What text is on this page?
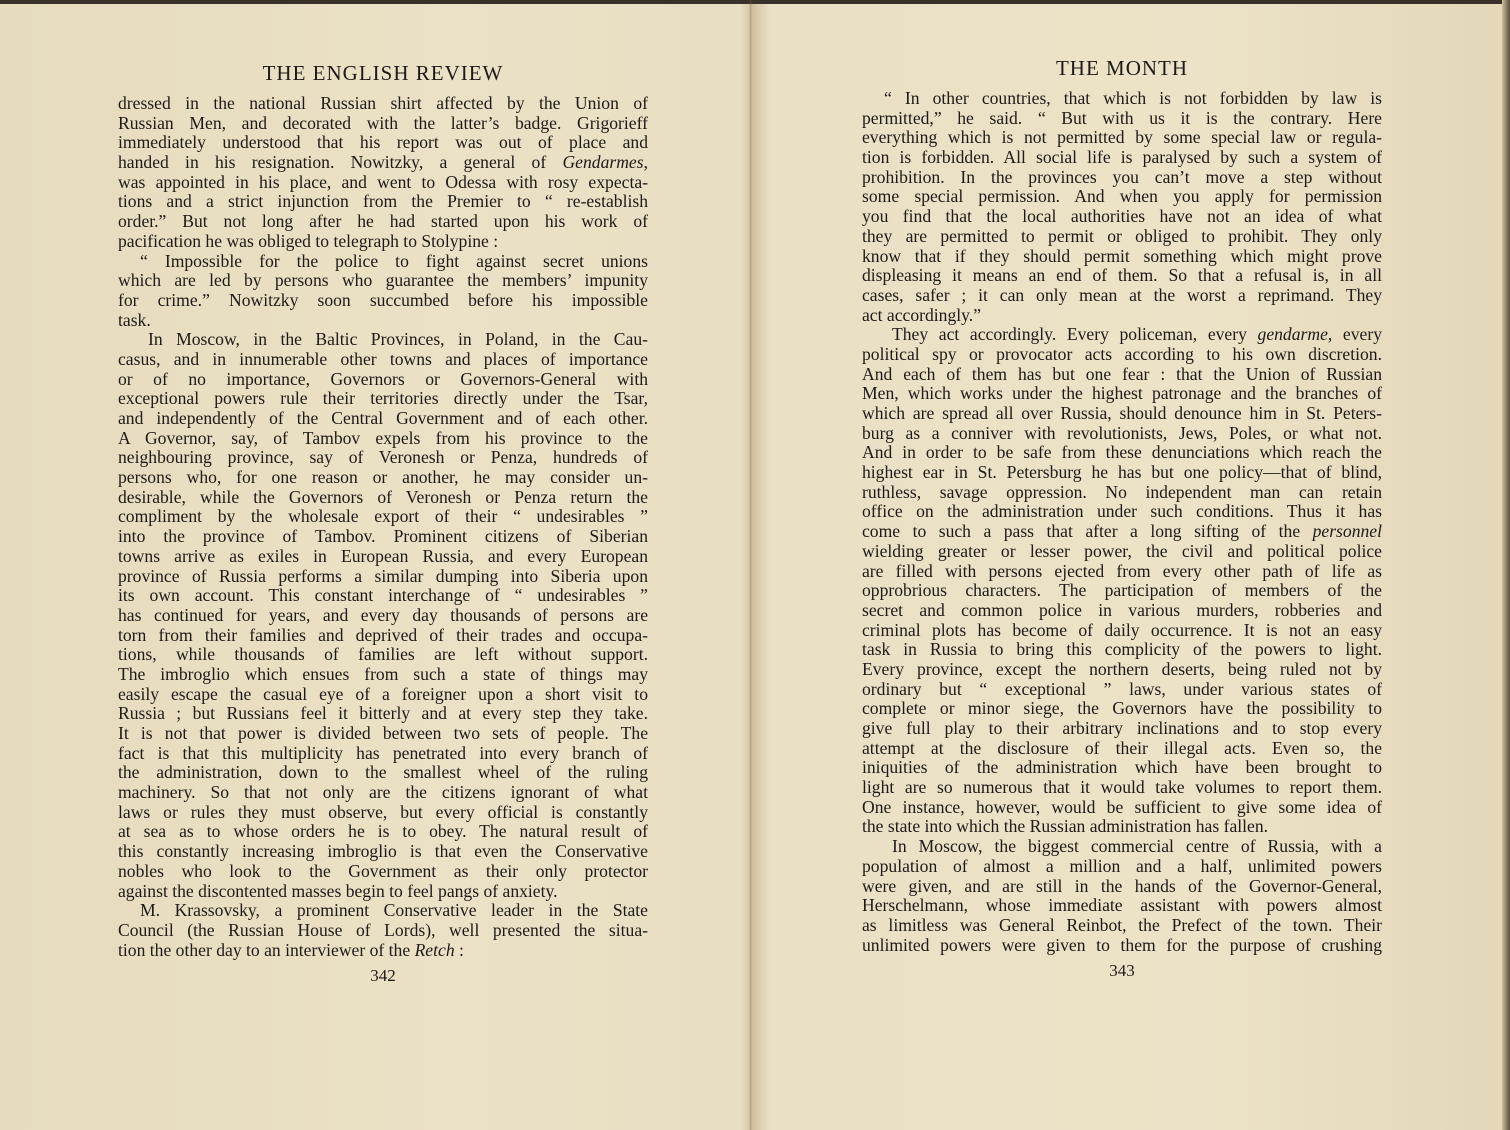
THE ENGLISH REVIEW
dressed in the national Russian shirt affected by the Union of
Russian Men, and decorated with the latter’s badge. Grigorieff
immediately understood that his report was out of place and
handed in his resignation. Nowitzky, a general of Gendarmes,
was appointed in his place, and went to Odessa with rosy expecta-
tions and a strict injunction from the Premier to “ re-establish
order.” But not long after he had started upon his work of
pacification he was obliged to telegraph to Stolypine :
“ Impossible for the police to fight against secret unions
which are led by persons who guarantee the members’ impunity
for crime.” Nowitzky soon succumbed before his impossible
task.
In Moscow, in the Baltic Provinces, in Poland, in the Cau-
casus, and in innumerable other towns and places of importance
or of no importance, Governors or Governors-General with
exceptional powers rule their territories directly under the Tsar,
and independently of the Central Government and of each other.
A Governor, say, of Tambov expels from his province to the
neighbouring province, say of Veronesh or Penza, hundreds of
persons who, for one reason or another, he may consider un-
desirable, while the Governors of Veronesh or Penza return the
compliment by the wholesale export of their “ undesirables ”
into the province of Tambov. Prominent citizens of Siberian
towns arrive as exiles in European Russia, and every European
province of Russia performs a similar dumping into Siberia upon
its own account. This constant interchange of “ undesirables ”
has continued for years, and every day thousands of persons are
torn from their families and deprived of their trades and occupa-
tions, while thousands of families are left without support.
The imbroglio which ensues from such a state of things may
easily escape the casual eye of a foreigner upon a short visit to
Russia ; but Russians feel it bitterly and at every step they take.
It is not that power is divided between two sets of people. The
fact is that this multiplicity has penetrated into every branch of
the administration, down to the smallest wheel of the ruling
machinery. So that not only are the citizens ignorant of what
laws or rules they must observe, but every official is constantly
at sea as to whose orders he is to obey. The natural result of
this constantly increasing imbroglio is that even the Conservative
nobles who look to the Government as their only protector
against the discontented masses begin to feel pangs of anxiety.
M. Krassovsky, a prominent Conservative leader in the State
Council (the Russian House of Lords), well presented the situa-
tion the other day to an interviewer of the Retch :
342
THE MONTH
“ In other countries, that which is not forbidden by law is
permitted,” he said. “ But with us it is the contrary. Here
everything which is not permitted by some special law or regula-
tion is forbidden. All social life is paralysed by such a system of
prohibition. In the provinces you can’t move a step without
some special permission. And when you apply for permission
you find that the local authorities have not an idea of what
they are permitted to permit or obliged to prohibit. They only
know that if they should permit something which might prove
displeasing it means an end of them. So that a refusal is, in all
cases, safer ; it can only mean at the worst a reprimand. They
act accordingly.”
They act accordingly. Every policeman, every gendarme, every
political spy or provocator acts according to his own discretion.
And each of them has but one fear : that the Union of Russian
Men, which works under the highest patronage and the branches of
which are spread all over Russia, should denounce him in St. Peters-
burg as a conniver with revolutionists, Jews, Poles, or what not.
And in order to be safe from these denunciations which reach the
highest ear in St. Petersburg he has but one policy—that of blind,
ruthless, savage oppression. No independent man can retain
office on the administration under such conditions. Thus it has
come to such a pass that after a long sifting of the personnel
wielding greater or lesser power, the civil and political police
are filled with persons ejected from every other path of life as
opprobrious characters. The participation of members of the
secret and common police in various murders, robberies and
criminal plots has become of daily occurrence. It is not an easy
task in Russia to bring this complicity of the powers to light.
Every province, except the northern deserts, being ruled not by
ordinary but “ exceptional ” laws, under various states of
complete or minor siege, the Governors have the possibility to
give full play to their arbitrary inclinations and to stop every
attempt at the disclosure of their illegal acts. Even so, the
iniquities of the administration which have been brought to
light are so numerous that it would take volumes to report them.
One instance, however, would be sufficient to give some idea of
the state into which the Russian administration has fallen.
In Moscow, the biggest commercial centre of Russia, with a
population of almost a million and a half, unlimited powers
were given, and are still in the hands of the Governor-General,
Herschelmann, whose immediate assistant with powers almost
as limitless was General Reinbot, the Prefect of the town. Their
unlimited powers were given to them for the purpose of crushing
343
